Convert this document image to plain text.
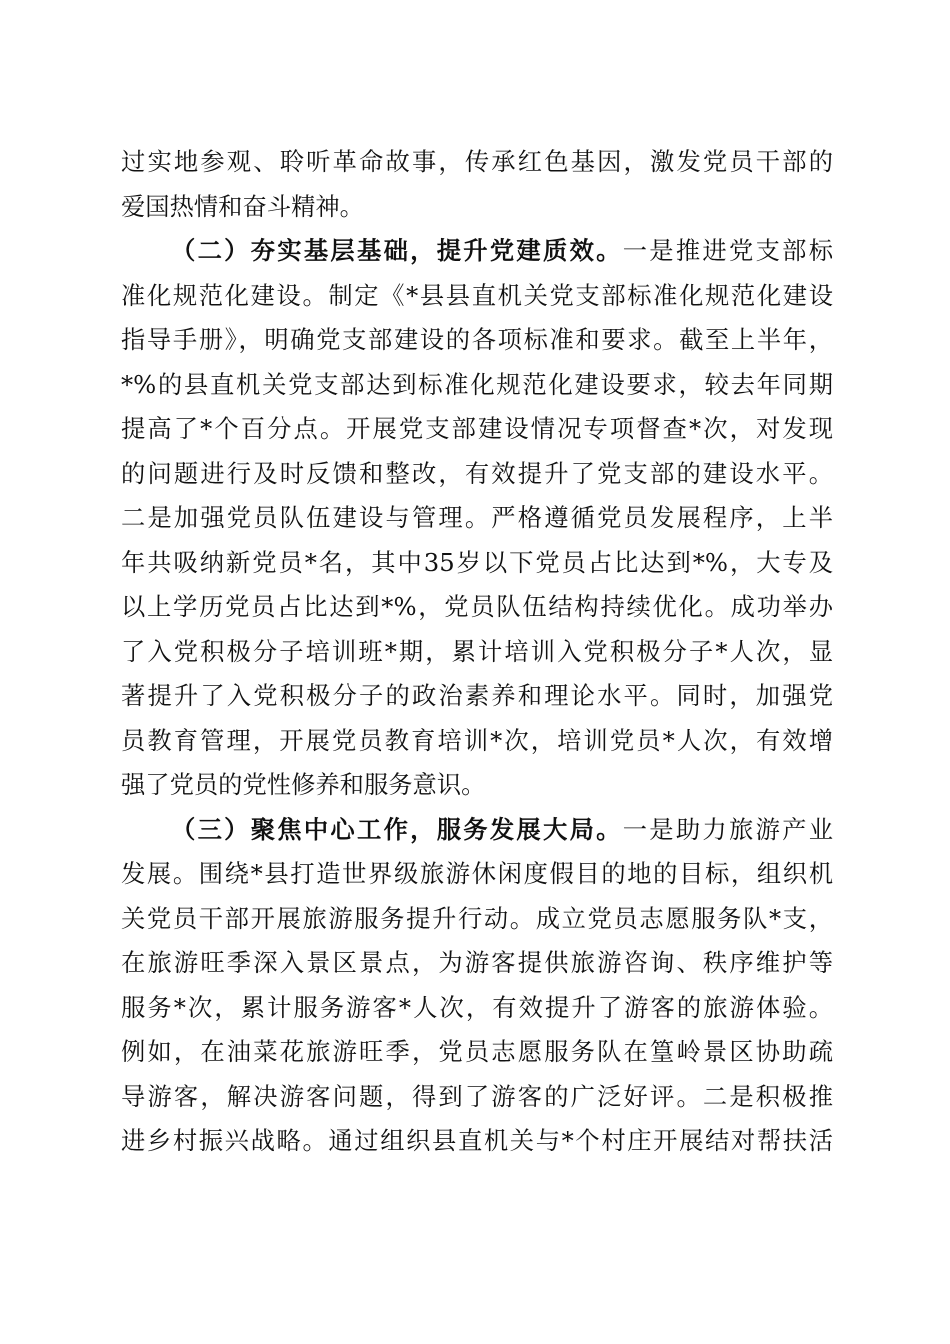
过实地参观、聆听革命故事，传承红色基因，激发党员干部的
爱国热情和奋斗精神。
（二）夯实基层基础，提升党建质效。一是推进党支部标
准化规范化建设。制定《*县县直机关党支部标准化规范化建设
指导手册》，明确党支部建设的各项标准和要求。截至上半年，
*%的县直机关党支部达到标准化规范化建设要求，较去年同期
提高了*个百分点。开展党支部建设情况专项督查*次，对发现
的问题进行及时反馈和整改，有效提升了党支部的建设水平。
二是加强党员队伍建设与管理。严格遵循党员发展程序，上半
年共吸纳新党员*名，其中35岁以下党员占比达到*%，大专及
以上学历党员占比达到*%，党员队伍结构持续优化。成功举办
了入党积极分子培训班*期，累计培训入党积极分子*人次，显
著提升了入党积极分子的政治素养和理论水平。同时，加强党
员教育管理，开展党员教育培训*次，培训党员*人次，有效增
强了党员的党性修养和服务意识。
（三）聚焦中心工作，服务发展大局。一是助力旅游产业
发展。围绕*县打造世界级旅游休闲度假目的地的目标，组织机
关党员干部开展旅游服务提升行动。成立党员志愿服务队*支，
在旅游旺季深入景区景点，为游客提供旅游咨询、秩序维护等
服务*次，累计服务游客*人次，有效提升了游客的旅游体验。
例如，在油菜花旅游旺季，党员志愿服务队在篁岭景区协助疏
导游客，解决游客问题，得到了游客的广泛好评。二是积极推
进乡村振兴战略。通过组织县直机关与*个村庄开展结对帮扶活
